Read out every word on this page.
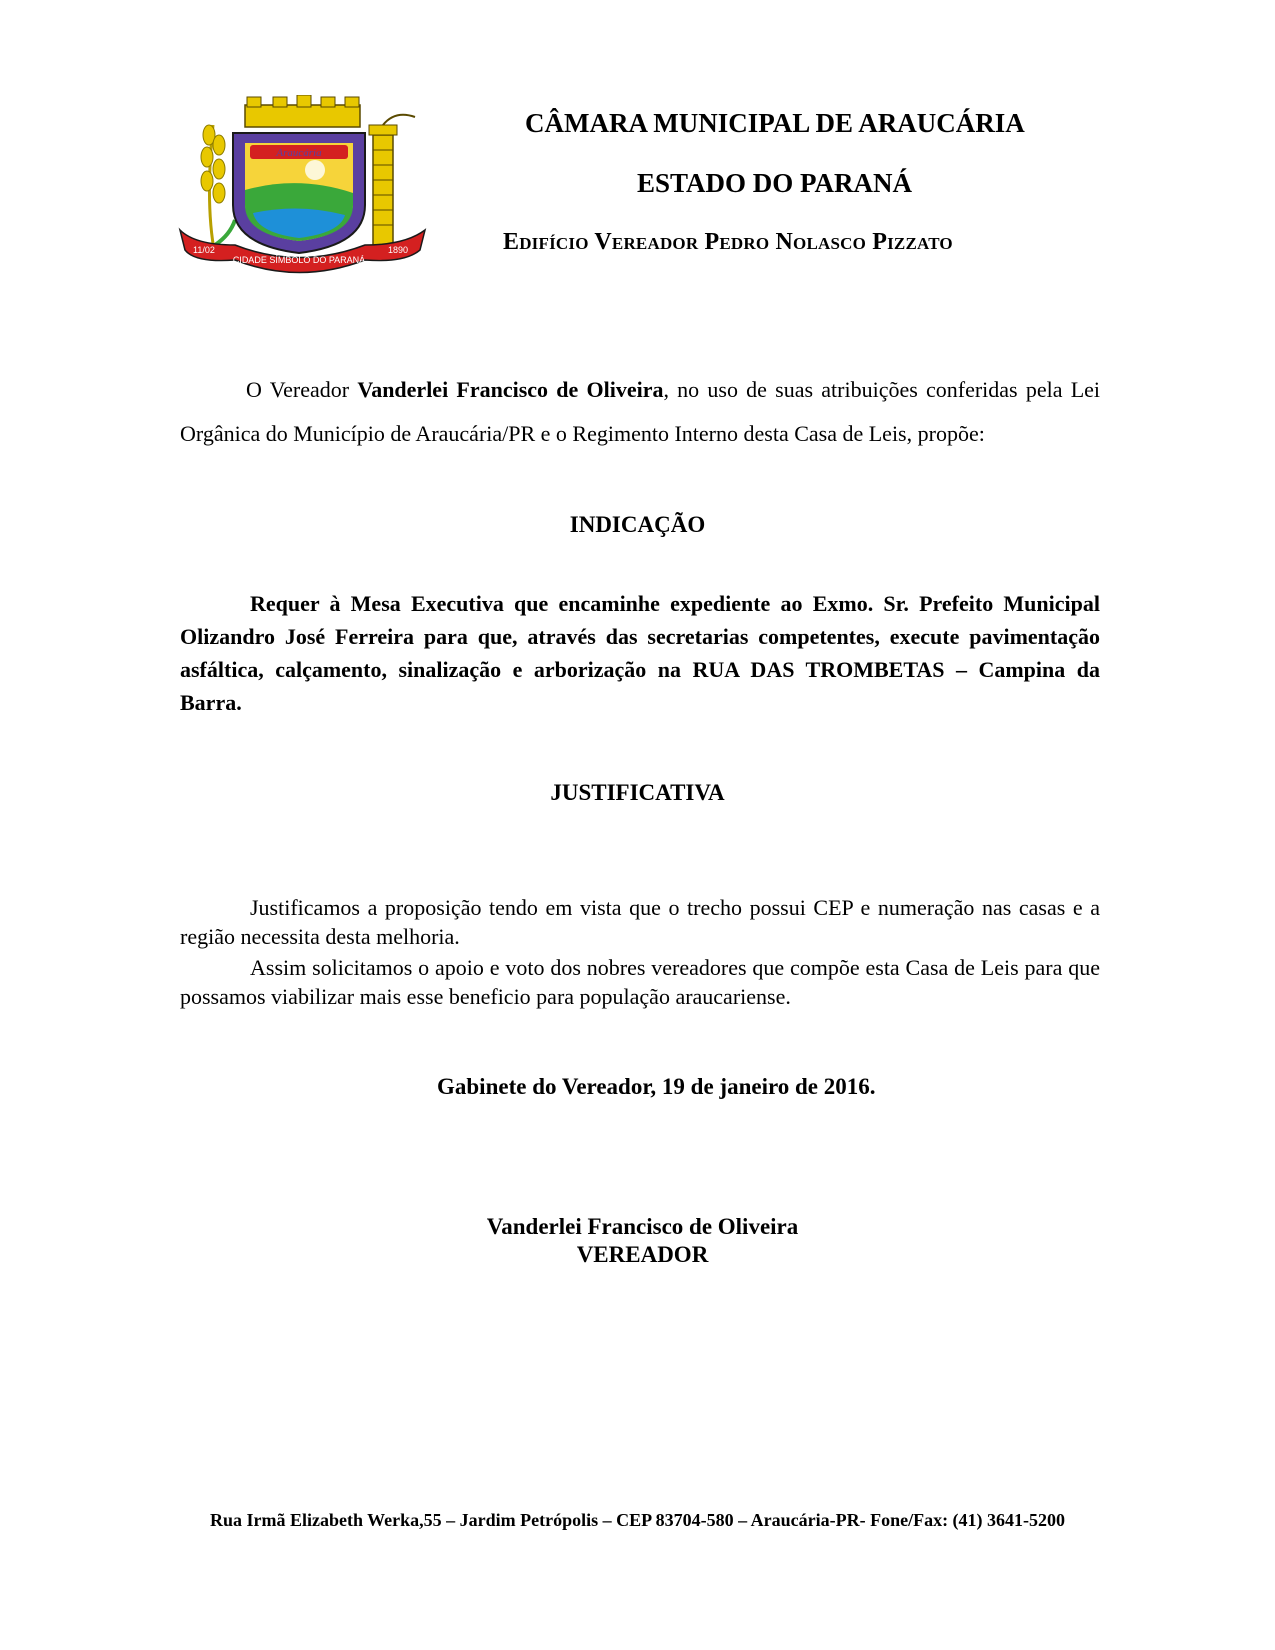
Araucária
11/02
CIDADE SÍMBOLO DO PARANÁ
1890
CÂMARA MUNICIPAL DE ARAUCÁRIA
ESTADO DO PARANÁ
Edifício Vereador Pedro Nolasco Pizzato
O Vereador Vanderlei Francisco de Oliveira, no uso de suas atribuições conferidas pela Lei Orgânica do Município de Araucária/PR e o Regimento Interno desta Casa de Leis, propõe:
INDICAÇÃO
Requer à Mesa Executiva que encaminhe expediente ao Exmo. Sr. Prefeito Municipal Olizandro José Ferreira para que, através das secretarias competentes, execute pavimentação asfáltica, calçamento, sinalização e arborização na RUA DAS TROMBETAS – Campina da Barra.
JUSTIFICATIVA

Justificamos a proposição tendo em vista que o trecho possui CEP e numeração nas casas e a região necessita desta melhoria.

Assim solicitamos o apoio e voto dos nobres vereadores que compõe esta Casa de Leis para que possamos viabilizar mais esse beneficio para população araucariense.

Gabinete do Vereador, 19 de janeiro de 2016.
Vanderlei Francisco de Oliveira
VEREADOR
Rua Irmã Elizabeth Werka,55 – Jardim Petrópolis – CEP 83704-580 – Araucária-PR- Fone/Fax: (41) 3641-5200
